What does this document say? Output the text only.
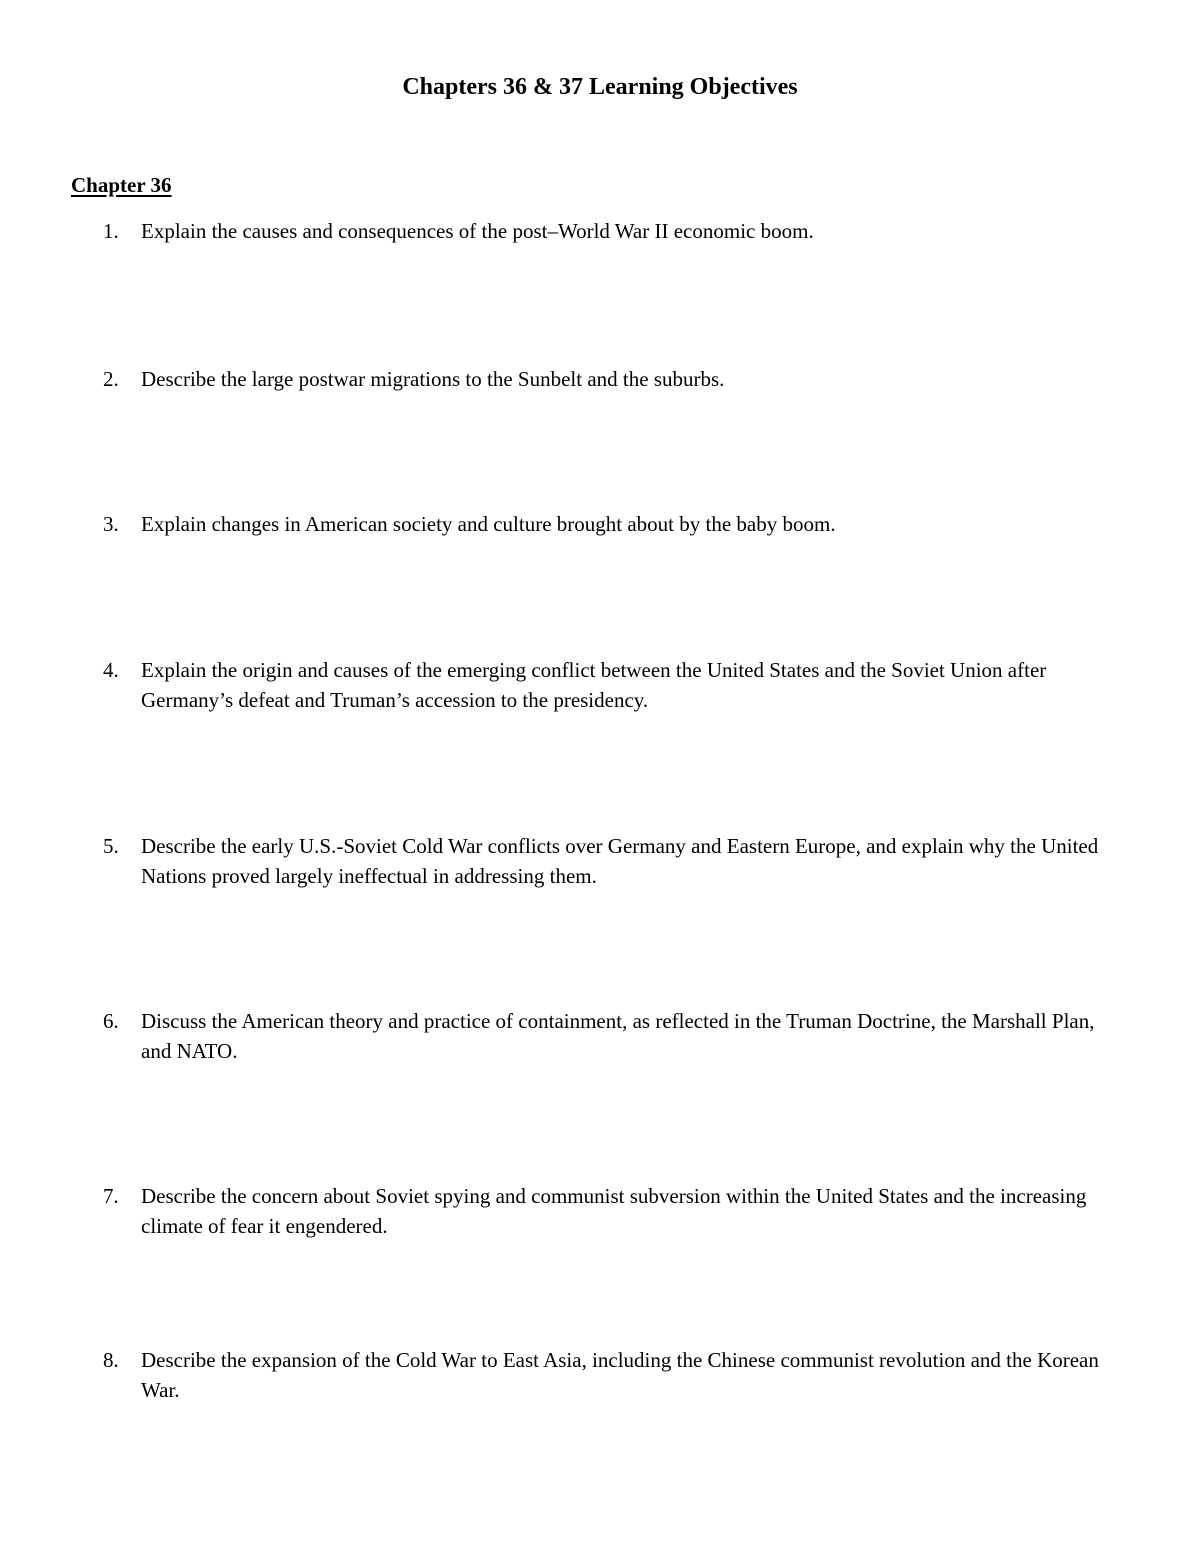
Chapters 36 & 37 Learning Objectives
Chapter 36
1. Explain the causes and consequences of the post–World War II economic boom.
2. Describe the large postwar migrations to the Sunbelt and the suburbs.
3. Explain changes in American society and culture brought about by the baby boom.
4. Explain the origin and causes of the emerging conflict between the United States and the Soviet Union after Germany’s defeat and Truman’s accession to the presidency.
5. Describe the early U.S.-Soviet Cold War conflicts over Germany and Eastern Europe, and explain why the United Nations proved largely ineffectual in addressing them.
6. Discuss the American theory and practice of containment, as reflected in the Truman Doctrine, the Marshall Plan, and NATO.
7. Describe the concern about Soviet spying and communist subversion within the United States and the increasing climate of fear it engendered.
8. Describe the expansion of the Cold War to East Asia, including the Chinese communist revolution and the Korean War.
